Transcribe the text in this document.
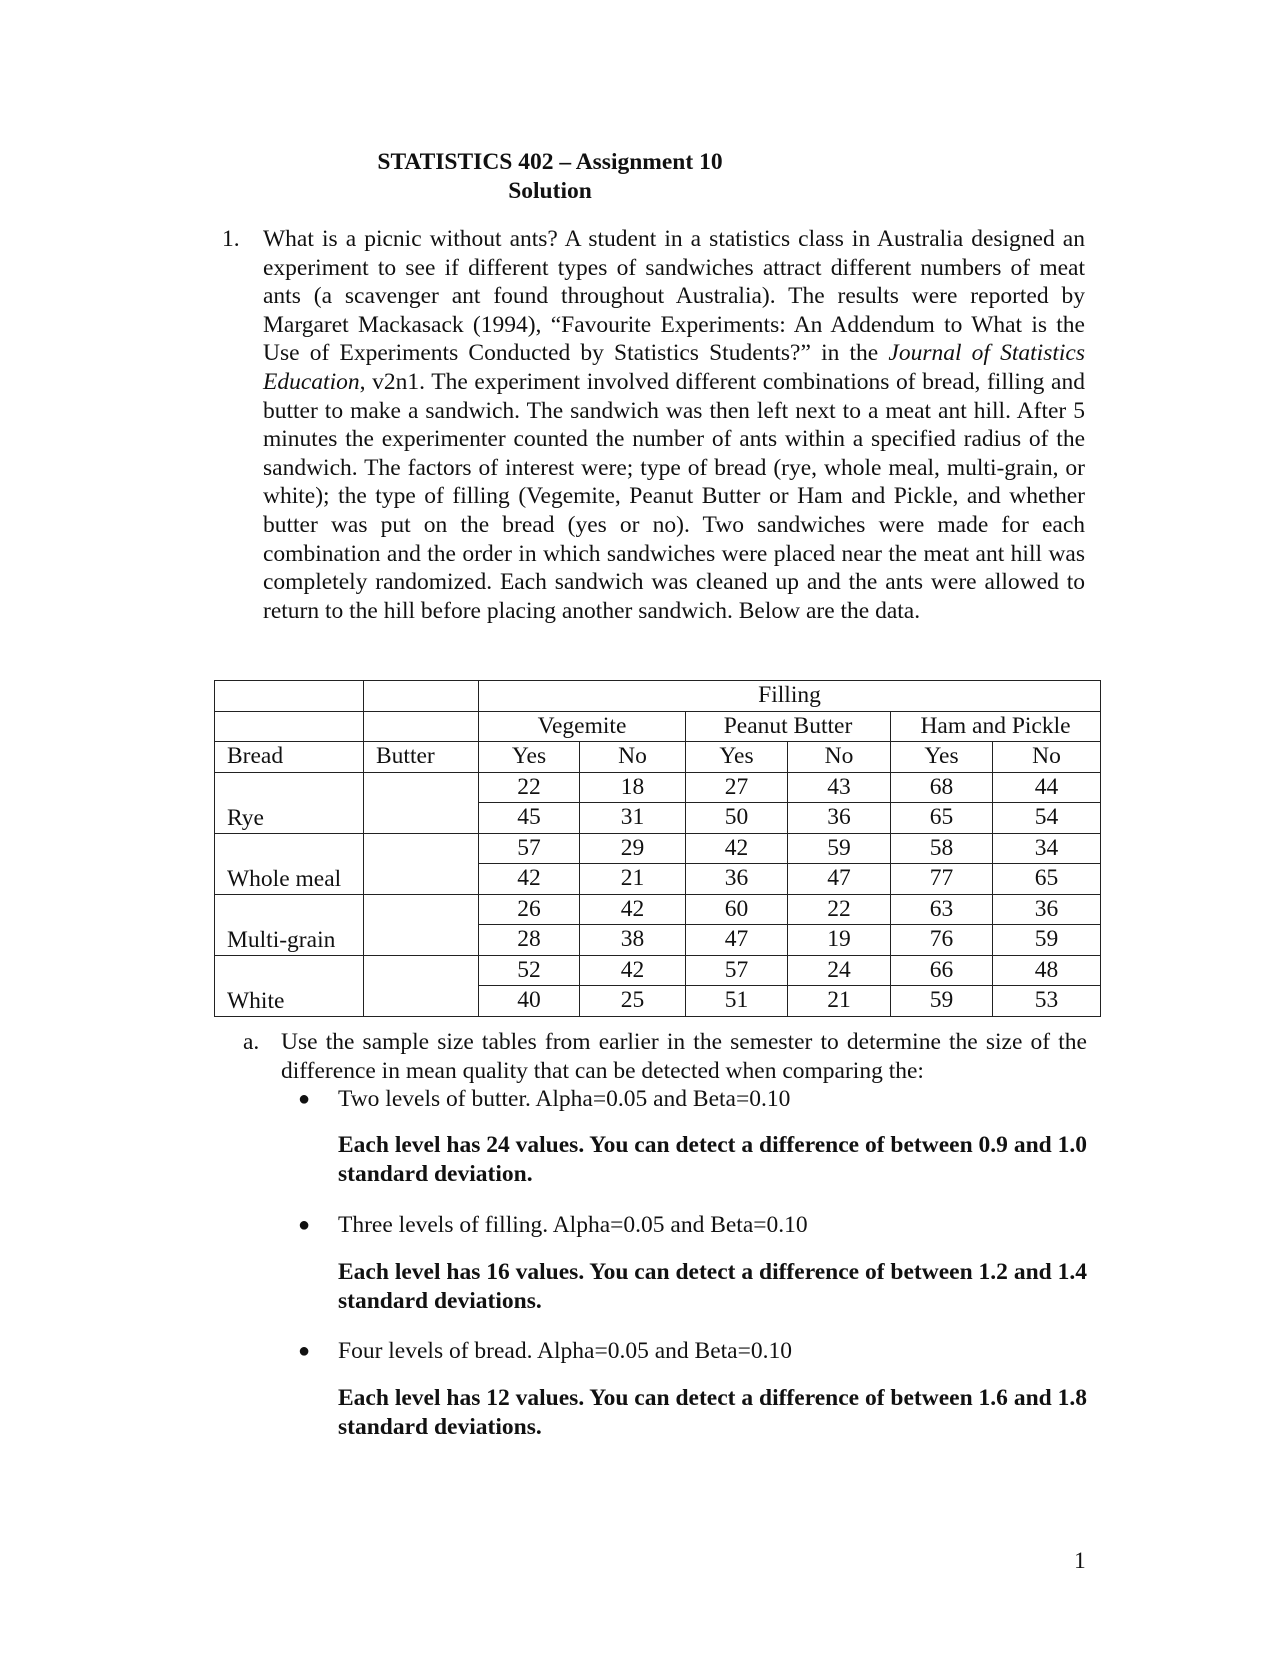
STATISTICS 402 – Assignment 10
Solution
1. What is a picnic without ants? A student in a statistics class in Australia designed an experiment to see if different types of sandwiches attract different numbers of meat ants (a scavenger ant found throughout Australia). The results were reported by Margaret Mackasack (1994), “Favourite Experiments: An Addendum to What is the Use of Experiments Conducted by Statistics Students?” in the Journal of Statistics Education, v2n1. The experiment involved different combinations of bread, filling and butter to make a sandwich. The sandwich was then left next to a meat ant hill. After 5 minutes the experimenter counted the number of ants within a specified radius of the sandwich. The factors of interest were; type of bread (rye, whole meal, multi-grain, or white); the type of filling (Vegemite, Peanut Butter or Ham and Pickle, and whether butter was put on the bread (yes or no). Two sandwiches were made for each combination and the order in which sandwiches were placed near the meat ant hill was completely randomized. Each sandwich was cleaned up and the ants were allowed to return to the hill before placing another sandwich. Below are the data.

		Filling					
		Vegemite		Peanut Butter		Ham and Pickle	
Bread	Butter	Yes	No	Yes	No	Yes	No
Rye		22	18	27	43	68	44
		45	31	50	36	65	54
Whole meal		57	29	42	59	58	34
		42	21	36	47	77	65
Multi-grain		26	42	60	22	63	36
		28	38	47	19	76	59
White		52	42	57	24	66	48
		40	25	51	21	59	53
a. Use the sample size tables from earlier in the semester to determine the size of the difference in mean quality that can be detected when comparing the:

● Two levels of butter. Alpha=0.05 and Beta=0.10

Each level has 24 values. You can detect a difference of between 0.9 and 1.0 standard deviation.

● Three levels of filling. Alpha=0.05 and Beta=0.10

Each level has 16 values. You can detect a difference of between 1.2 and 1.4 standard deviations.

● Four levels of bread. Alpha=0.05 and Beta=0.10

Each level has 12 values. You can detect a difference of between 1.6 and 1.8 standard deviations.

1
